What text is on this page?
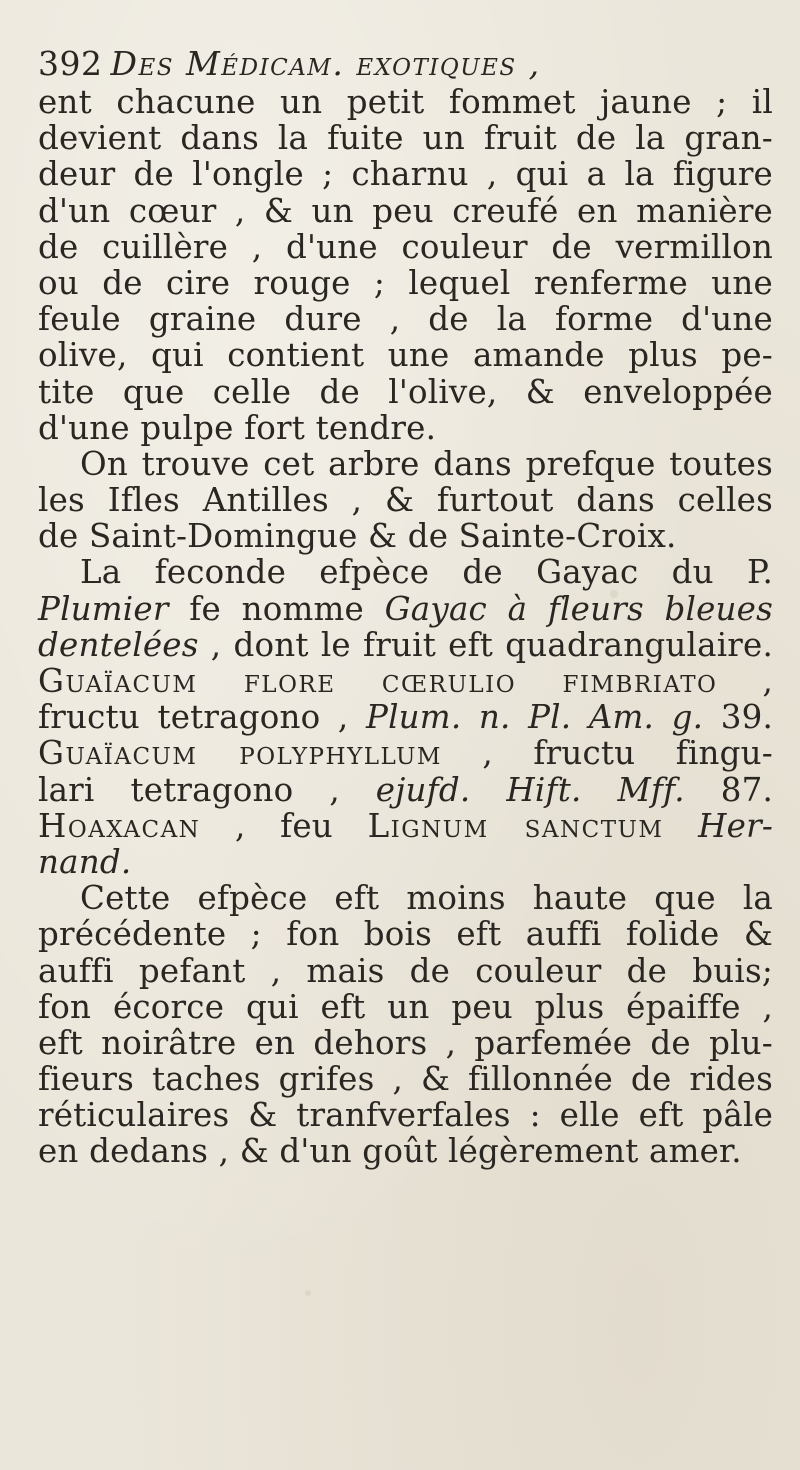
392 Des Médicam. exotiques ,
ent chacune un petit fommet jaune ; il
devient dans la fuite un fruit de la gran-
deur de l'ongle ; charnu , qui a la figure
d'un cœur , & un peu creufé en manière
de cuillère , d'une couleur de vermillon
ou de cire rouge ; lequel renferme une
feule graine dure , de la forme d'une
olive, qui contient une amande plus pe-
tite que celle de l'olive, & enveloppée
d'une pulpe fort tendre.
On trouve cet arbre dans prefque toutes
les Ifles Antilles , & furtout dans celles
de Saint-Domingue & de Sainte-Croix.
La feconde efpèce de Gayac du P.
Plumier fe nomme Gayac à fleurs bleues
dentelées , dont le fruit eft quadrangulaire.
Guaïacum flore cœrulio fimbriato ,
fructu tetragono , Plum. n. Pl. Am. g. 39.
Guaïacum polyphyllum , fructu fingu-
lari tetragono , ejufd. Hift. Mff. 87.
Hoaxacan , feu Lignum sanctum Her-
nand.
Cette efpèce eft moins haute que la
précédente ; fon bois eft auffi folide &
auffi pefant , mais de couleur de buis;
fon écorce qui eft un peu plus épaiffe ,
eft noirâtre en dehors , parfemée de plu-
fieurs taches grifes , & fillonnée de rides
réticulaires & tranfverfales : elle eft pâle
en dedans , & d'un goût légèrement amer.
